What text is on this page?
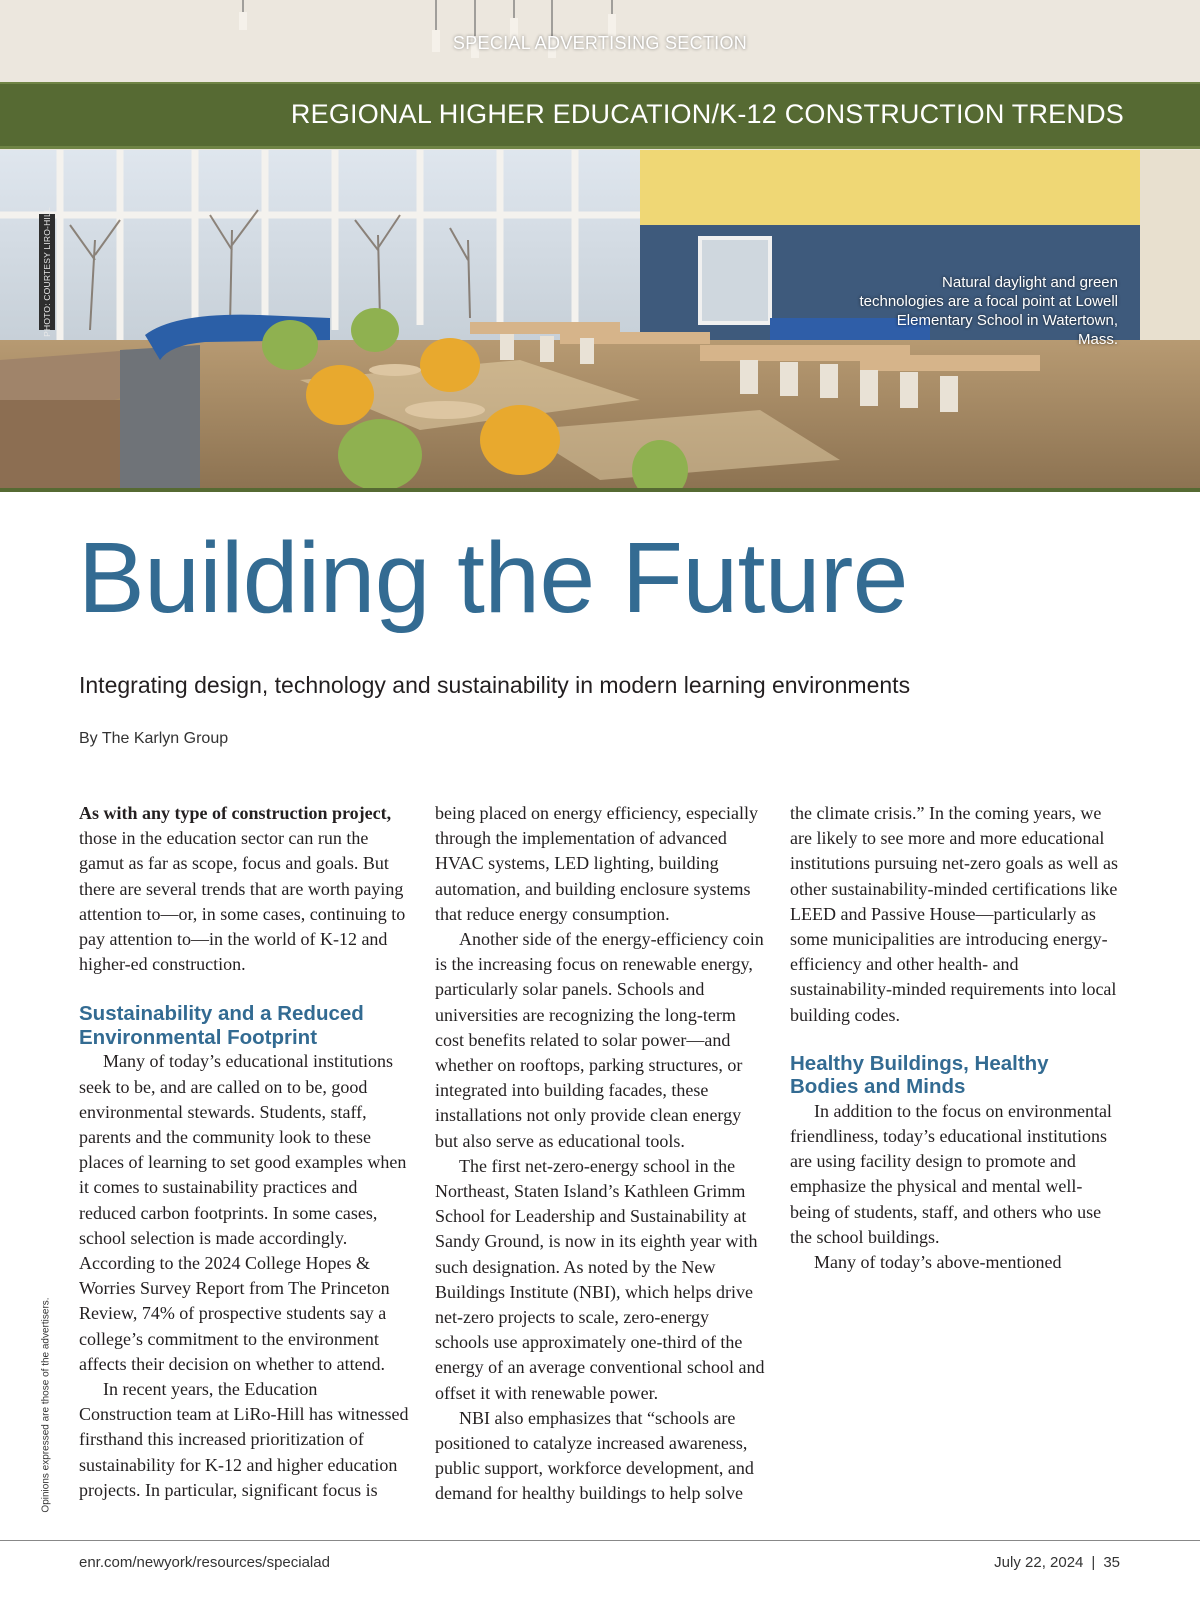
SPECIAL ADVERTISING SECTION
REGIONAL HIGHER EDUCATION/K-12 CONSTRUCTION TRENDS
PHOTO: COURTESY LIRO-HILL	Natural daylight and green technologies are a focal point at Lowell Elementary School in Watertown, Mass.
Building the Future
Integrating design, technology and sustainability in modern learning environments
By The Karlyn Group

As with any type of construction project, those in the education sector can run the gamut as far as scope, focus and goals. But there are several trends that are worth paying attention to—or, in some cases, continuing to pay attention to—in the world of K-12 and higher-ed construction.

Sustainability and a Reduced Environmental Footprint

Many of today’s educational institutions seek to be, and are called on to be, good environmental stewards. Students, staff, parents and the community look to these places of learning to set good examples when it comes to sustainability practices and reduced carbon footprints. In some cases, school selection is made accordingly. According to the 2024 College Hopes & Worries Survey Report from The Princeton Review, 74% of prospective students say a college’s commitment to the environment affects their decision on whether to attend.

In recent years, the Education Construction team at LiRo-Hill has witnessed firsthand this increased prioritization of sustainability for K-12 and higher education projects. In particular, significant focus is

being placed on energy efficiency, especially through the implementation of advanced HVAC systems, LED lighting, building automation, and building enclosure systems that reduce energy consumption.

Another side of the energy-efficiency coin is the increasing focus on renewable energy, particularly solar panels. Schools and universities are recognizing the long-term cost benefits related to solar power—and whether on rooftops, parking structures, or integrated into building facades, these installations not only provide clean energy but also serve as educational tools.

The first net-zero-energy school in the Northeast, Staten Island’s Kathleen Grimm School for Leadership and Sustainability at Sandy Ground, is now in its eighth year with such designation. As noted by the New Buildings Institute (NBI), which helps drive net-zero projects to scale, zero-energy schools use approximately one-third of the energy of an average conventional school and offset it with renewable power.

NBI also emphasizes that “schools are positioned to catalyze increased awareness, public support, workforce development, and demand for healthy buildings to help solve

the climate crisis.” In the coming years, we are likely to see more and more educational institutions pursuing net-zero goals as well as other sustainability-minded certifications like LEED and Passive House—particularly as some municipalities are introducing energy-efficiency and other health- and sustainability-minded requirements into local building codes.

Healthy Buildings, Healthy Bodies and Minds

In addition to the focus on environmental friendliness, today’s educational institutions are using facility design to promote and emphasize the physical and mental well-being of students, staff, and others who use the school buildings.

Many of today’s above-mentioned

Opinions expressed are those of the advertisers.
enr.com/newyork/resources/specialad	July 22, 2024 | 35
